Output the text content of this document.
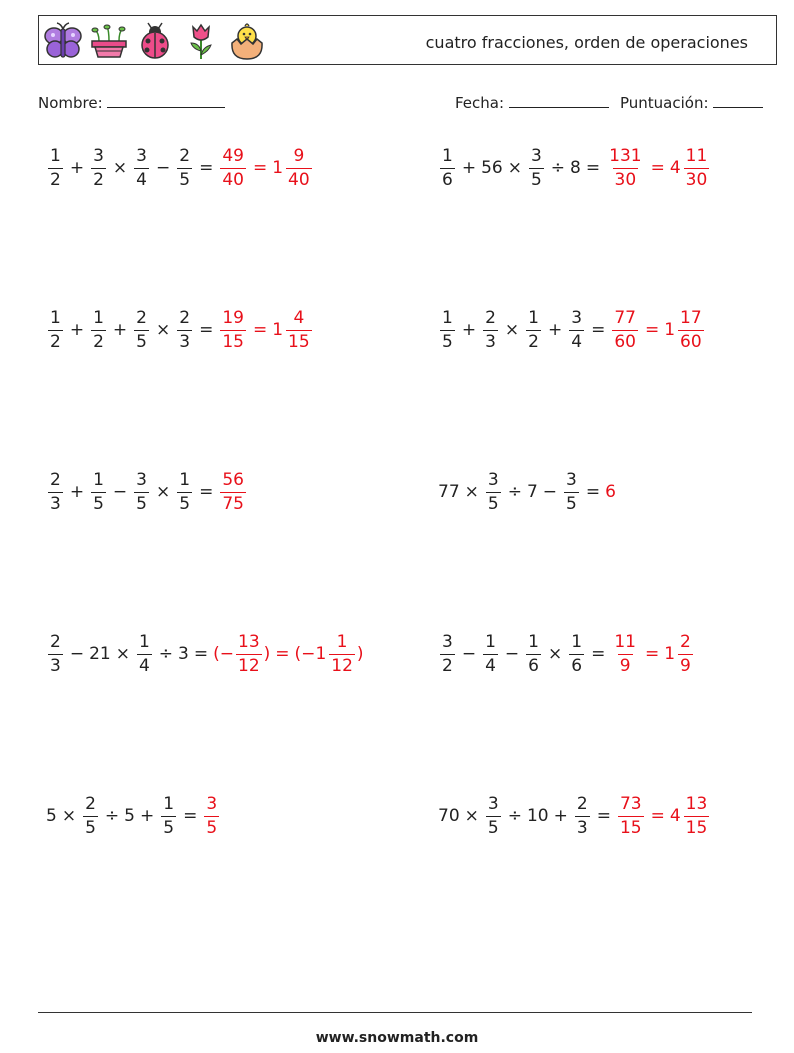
cuatro fracciones, orden de operaciones
Nombre:	Fecha:	Puntuación:
$\frac{1}{2} + \frac{3}{2} \times \frac{3}{4} - \frac{2}{5} = \frac{49}{40} = 1 \frac{9}{40}$	$\frac{1}{6} + 56 \times \frac{3}{5} \div 8 = \frac{131}{30} = 4 \frac{11}{30}$
$\frac{1}{2} + \frac{1}{2} + \frac{2}{5} \times \frac{2}{3} = \frac{19}{15} = 1 \frac{4}{15}$	$\frac{1}{5} + \frac{2}{3} \times \frac{1}{2} + \frac{3}{4} = \frac{77}{60} = 1 \frac{17}{60}$
$\frac{2}{3} + \frac{1}{5} - \frac{3}{5} \times \frac{1}{5} = \frac{56}{75}$	$77 \times \frac{3}{5} \div 7 - \frac{3}{5} = 6$
$\frac{2}{3} - 21 \times \frac{1}{4} \div 3$ = (− $\frac{13}{12}$ ) = (− $1 \frac{1}{12}$ )	$\frac{3}{2} - \frac{1}{4} - \frac{1}{6} \times \frac{1}{6} = \frac{11}{9} = 1 \frac{2}{9}$
$5 \times \frac{2}{5} \div 5 + \frac{1}{5} = \frac{3}{5}$	$70 \times \frac{3}{5} \div 10 + \frac{2}{3} = \frac{73}{15} = 4 \frac{13}{15}$
www.snowmath.com
